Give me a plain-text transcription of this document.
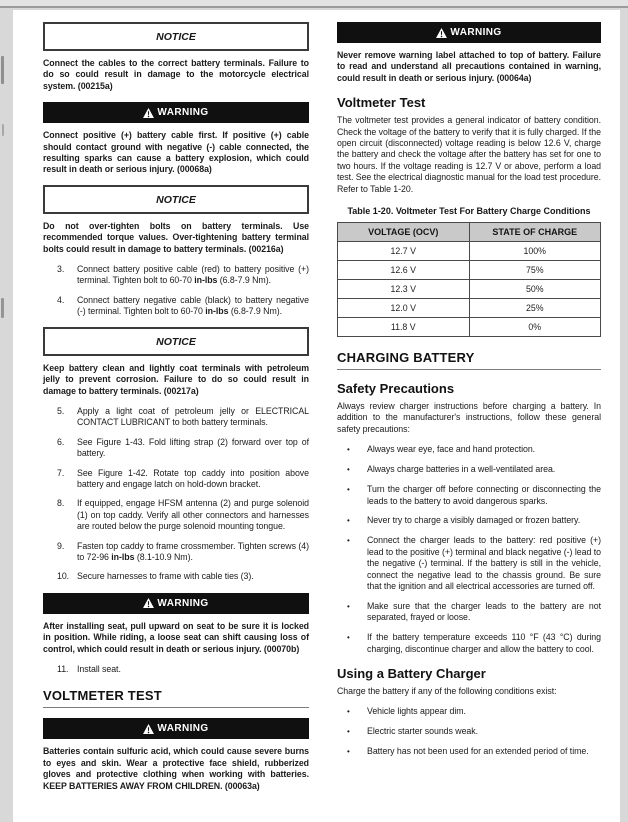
NOTICE

Connect the cables to the correct battery terminals. Failure to do so could result in damage to the motorcycle electrical system. (00215a)

WARNING

Connect positive (+) battery cable first. If positive (+) cable should contact ground with negative (-) cable connected, the resulting sparks can cause a battery explosion, which could result in death or serious injury. (00068a)

NOTICE

Do not over-tighten bolts on battery terminals. Use recommended torque values. Over-tightening battery terminal bolts could result in damage to battery terminals. (00216a)

3.	Connect battery positive cable (red) to battery positive (+) terminal. Tighten bolt to 60-70 in-lbs (6.8-7.9 Nm).
4.	Connect battery negative cable (black) to battery negative (-) terminal. Tighten bolt to 60-70 in-lbs (6.8-7.9 Nm).
NOTICE

Keep battery clean and lightly coat terminals with petroleum jelly to prevent corrosion. Failure to do so could result in damage to battery terminals. (00217a)

5.	Apply a light coat of petroleum jelly or ELECTRICAL CONTACT LUBRICANT to both battery terminals.
6.	See Figure 1-43. Fold lifting strap (2) forward over top of battery.
7.	See Figure 1-42. Rotate top caddy into position above battery and engage latch on hold-down bracket.
8.	If equipped, engage HFSM antenna (2) and purge solenoid (1) on top caddy. Verify all other connectors and harnesses are routed below the purge solenoid mounting tongue.
9.	Fasten top caddy to frame crossmember. Tighten screws (4) to 72-96 in-lbs (8.1-10.9 Nm).
10. Secure harnesses to frame with cable ties (3).
WARNING

After installing seat, pull upward on seat to be sure it is locked in position. While riding, a loose seat can shift causing loss of control, which could result in death or serious injury. (00070b)

11. Install seat.
VOLTMETER TEST
WARNING

Batteries contain sulfuric acid, which could cause severe burns to eyes and skin. Wear a protective face shield, rubberized gloves and protective clothing when working with batteries. KEEP BATTERIES AWAY FROM CHILDREN. (00063a)

WARNING

Never remove warning label attached to top of battery. Failure to read and understand all precautions contained in warning, could result in death or serious injury. (00064a)

Voltmeter Test

The voltmeter test provides a general indicator of battery condition. Check the voltage of the battery to verify that it is fully charged. If the open circuit (disconnected) voltage reading is below 12.6 V, charge the battery and check the voltage after the battery has set for one to two hours. If the voltage reading is 12.7 V or above, perform a load test. See the electrical diagnostic manual for the load test procedure. Refer to Table 1-20.

Table 1-20. Voltmeter Test For Battery Charge Conditions
VOLTAGE (OCV)	STATE OF CHARGE
12.7 V	100%
12.6 V	75%
12.3 V	50%
12.0 V	25%
11.8 V	0%
CHARGING BATTERY
Safety Precautions

Always review charger instructions before charging a battery. In addition to the manufacturer's instructions, follow these general safety precautions:

•	Always wear eye, face and hand protection.
•	Always charge batteries in a well-ventilated area.
•	Turn the charger off before connecting or disconnecting the leads to the battery to avoid dangerous sparks.
•	Never try to charge a visibly damaged or frozen battery.
•	Connect the charger leads to the battery: red positive (+) lead to the positive (+) terminal and black negative (-) lead to the negative (-) terminal. If the battery is still in the vehicle, connect the negative lead to the chassis ground. Be sure that the ignition and all electrical accessories are turned off.
•	Make sure that the charger leads to the battery are not separated, frayed or loose.
•	If the battery temperature exceeds 110 °F (43 °C) during charging, discontinue charger and allow the battery to cool.
Using a Battery Charger

Charge the battery if any of the following conditions exist:

•	Vehicle lights appear dim.
•	Electric starter sounds weak.
•	Battery has not been used for an extended period of time.
